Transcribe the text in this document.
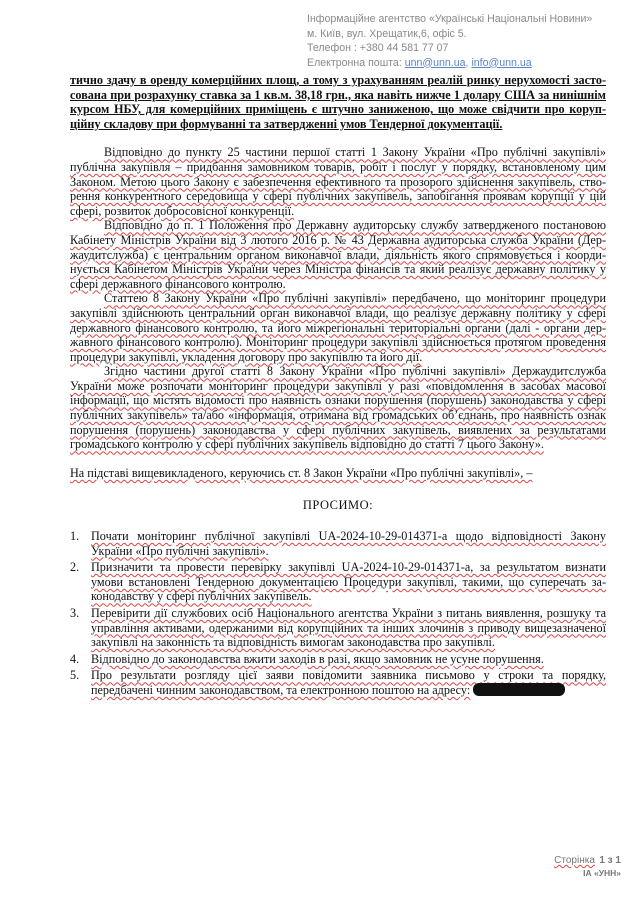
Інформаційне агентство «Українські Національні Новини»
м. Київ, вул. Хрещатик,6, офіс 5.
Телефон : +380 44 581 77 07
Електронна пошта: unn@unn.ua, info@unn.ua

тично здачу в оренду комерційних площ, а тому з урахуванням реалій ринку нерухомості застосована при розрахунку ставка за 1 кв.м. 38,18 грн., яка навіть нижче 1 долару США за нинішнім курсом НБУ, для комерційних приміщень є штучно заниженою, що може свідчити про корупційну складову при формуванні та затвердженні умов Тендерної документації.

Відповідно до пункту 25 частини першої статті 1 Закону України «Про публічні закупівлі» публічна закупівля – придбання замовником товарів, робіт і послуг у порядку, встановленому цим Законом. Метою цього Закону є забезпечення ефективного та прозорого здійснення закупівель, створення конкурентного середовища у сфері публічних закупівель, запобігання проявам корупції у цій сфері, розвиток добросовісної конкуренції.

Відповідно до п. 1 Положення про Державну аудиторську службу затвердженого постановою Кабінету Міністрів України від 3 лютого 2016 р. № 43 Державна аудиторська служба України (Держаудитслужба) є центральним органом виконавчої влади, діяльність якого спрямовується і координується Кабінетом Міністрів України через Міністра фінансів та який реалізує державну політику у сфері державного фінансового контролю.

Статтею 8 Закону України «Про публічні закупівлі» передбачено, що моніторинг процедури закупівлі здійснюють центральний орган виконавчої влади, що реалізує державну політику у сфері державного фінансового контролю, та його міжрегіональні територіальні органи (далі - органи державного фінансового контролю). Моніторинг процедури закупівлі здійснюється протягом проведення процедури закупівлі, укладення договору про закупівлю та його дії.

Згідно частини другої статті 8 Закону України «Про публічні закупівлі» Держаудитслужба України може розпочати моніторинг процедури закупівлі у разі «повідомлення в засобах масової інформації, що містять відомості про наявність ознаки порушення (порушень) законодавства у сфері публічних закупівель» та/або «інформація, отримана від громадських об’єднань, про наявність ознак порушення (порушень) законодавства у сфері публічних закупівель, виявлених за результатами громадського контролю у сфері публічних закупівель відповідно до статті 7 цього Закону».

На підставі вищевикладеного, керуючись ст. 8 Закон України «Про публічні закупівлі», –

ПРОСИМО:
1. Почати моніторинг публічної закупівлі UA-2024-10-29-014371-a щодо відповідності Закону України «Про публічні закупівлі».
2. Призначити та провести перевірку закупівлі UA-2024-10-29-014371-a, за результатом визнати умови встановлені Тендерною документацією Процедури закупівлі, такими, що суперечать законодавству у сфері публічних закупівель.
3. Перевірити дії службових осіб Національного агентства України з питань виявлення, розшуку та управління активами, одержаними від корупційних та інших злочинів з приводу вищезазначеної закупівлі на законність та відповідність вимогам законодавства про закупівлі.
4. Відповідно до законодавства вжити заходів в разі, якщо замовник не усуне порушення.
5. Про результати розгляду цієї заяви повідомити заявника письмово у строки та порядку, передбачені чинним законодавством, та електронною поштою на адресу:
Сторінка 1 з 1
ІА «УНН»
